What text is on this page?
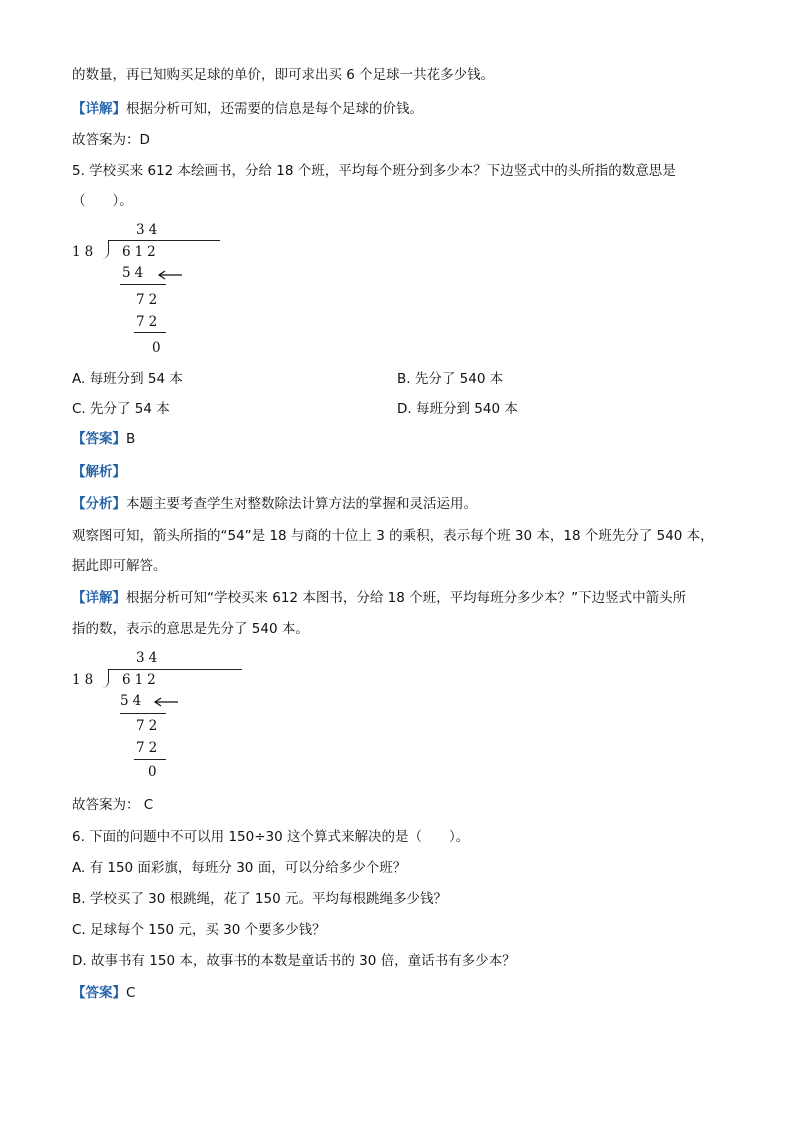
的数量，再已知购买足球的单价，即可求出买 6 个足球一共花多少钱。
【详解】根据分析可知，还需要的信息是每个足球的价钱。
故答案为：D
5. 学校买来 612 本绘画书，分给 18 个班，平均每个班分到多少本？下边竖式中的头所指的数意思是
（　　）。
34
18 612
54
72
72
0
A. 每班分到 54 本	B. 先分了 540 本
C. 先分了 54 本	D. 每班分到 540 本
【答案】B
【解析】
【分析】本题主要考查学生对整数除法计算方法的掌握和灵活运用。
观察图可知，箭头所指的“54”是 18 与商的十位上 3 的乘积，表示每个班 30 本，18 个班先分了 540 本，
据此即可解答。
【详解】根据分析可知“学校买来 612 本图书，分给 18 个班，平均每班分多少本？”下边竖式中箭头所
指的数，表示的意思是先分了 540 本。
34
18 612
54
72
72
0
故答案为： C
6. 下面的问题中不可以用 150÷30 这个算式来解决的是（　　）。
A. 有 150 面彩旗，每班分 30 面，可以分给多少个班？
B. 学校买了 30 根跳绳，花了 150 元。平均每根跳绳多少钱？
C. 足球每个 150 元，买 30 个要多少钱？
D. 故事书有 150 本，故事书的本数是童话书的 30 倍，童话书有多少本？
【答案】C
